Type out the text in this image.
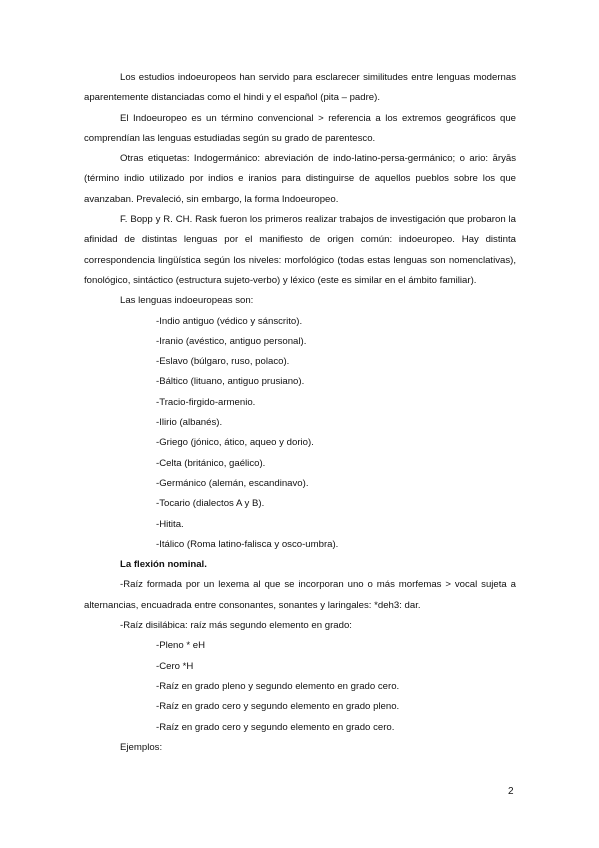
Los estudios indoeuropeos han servido para esclarecer similitudes entre lenguas modernas aparentemente distanciadas como el hindi y el español (pita – padre).

El Indoeuropeo es un término convencional > referencia a los extremos geográficos que comprendían las lenguas estudiadas según su grado de parentesco.

Otras etiquetas: Indogermánico: abreviación de indo-latino-persa-germánico; o ario: āryās (término indio utilizado por indios e iranios para distinguirse de aquellos pueblos sobre los que avanzaban. Prevaleció, sin embargo, la forma Indoeuropeo.

F. Bopp y R. CH. Rask fueron los primeros realizar trabajos de investigación que probaron la afinidad de distintas lenguas por el manifiesto de origen común: indoeuropeo. Hay distinta correspondencia lingüística según los niveles: morfológico (todas estas lenguas son nomenclativas), fonológico, sintáctico (estructura sujeto-verbo) y léxico (este es similar en el ámbito familiar).

Las lenguas indoeuropeas son:

-Indio antiguo (védico y sánscrito).

-Iranio (avéstico, antiguo personal).

-Eslavo (búlgaro, ruso, polaco).

-Báltico (lituano, antiguo prusiano).

-Tracio-firgido-armenio.

-Ilirio (albanés).

-Griego (jónico, ático, aqueo y dorio).

-Celta (británico, gaélico).

-Germánico (alemán, escandinavo).

-Tocario (dialectos A y B).

-Hitita.

-Itálico (Roma latino-falisca y osco-umbra).

La flexión nominal.

-Raíz formada por un lexema al que se incorporan uno o más morfemas > vocal sujeta a alternancias, encuadrada entre consonantes, sonantes y laringales: *deh3: dar.

-Raíz disilábica: raíz más segundo elemento en grado:

-Pleno * eH

-Cero *H

-Raíz en grado pleno y segundo elemento en grado cero.

-Raíz en grado cero y segundo elemento en grado pleno.

-Raíz en grado cero y segundo elemento en grado cero.

Ejemplos:

2
